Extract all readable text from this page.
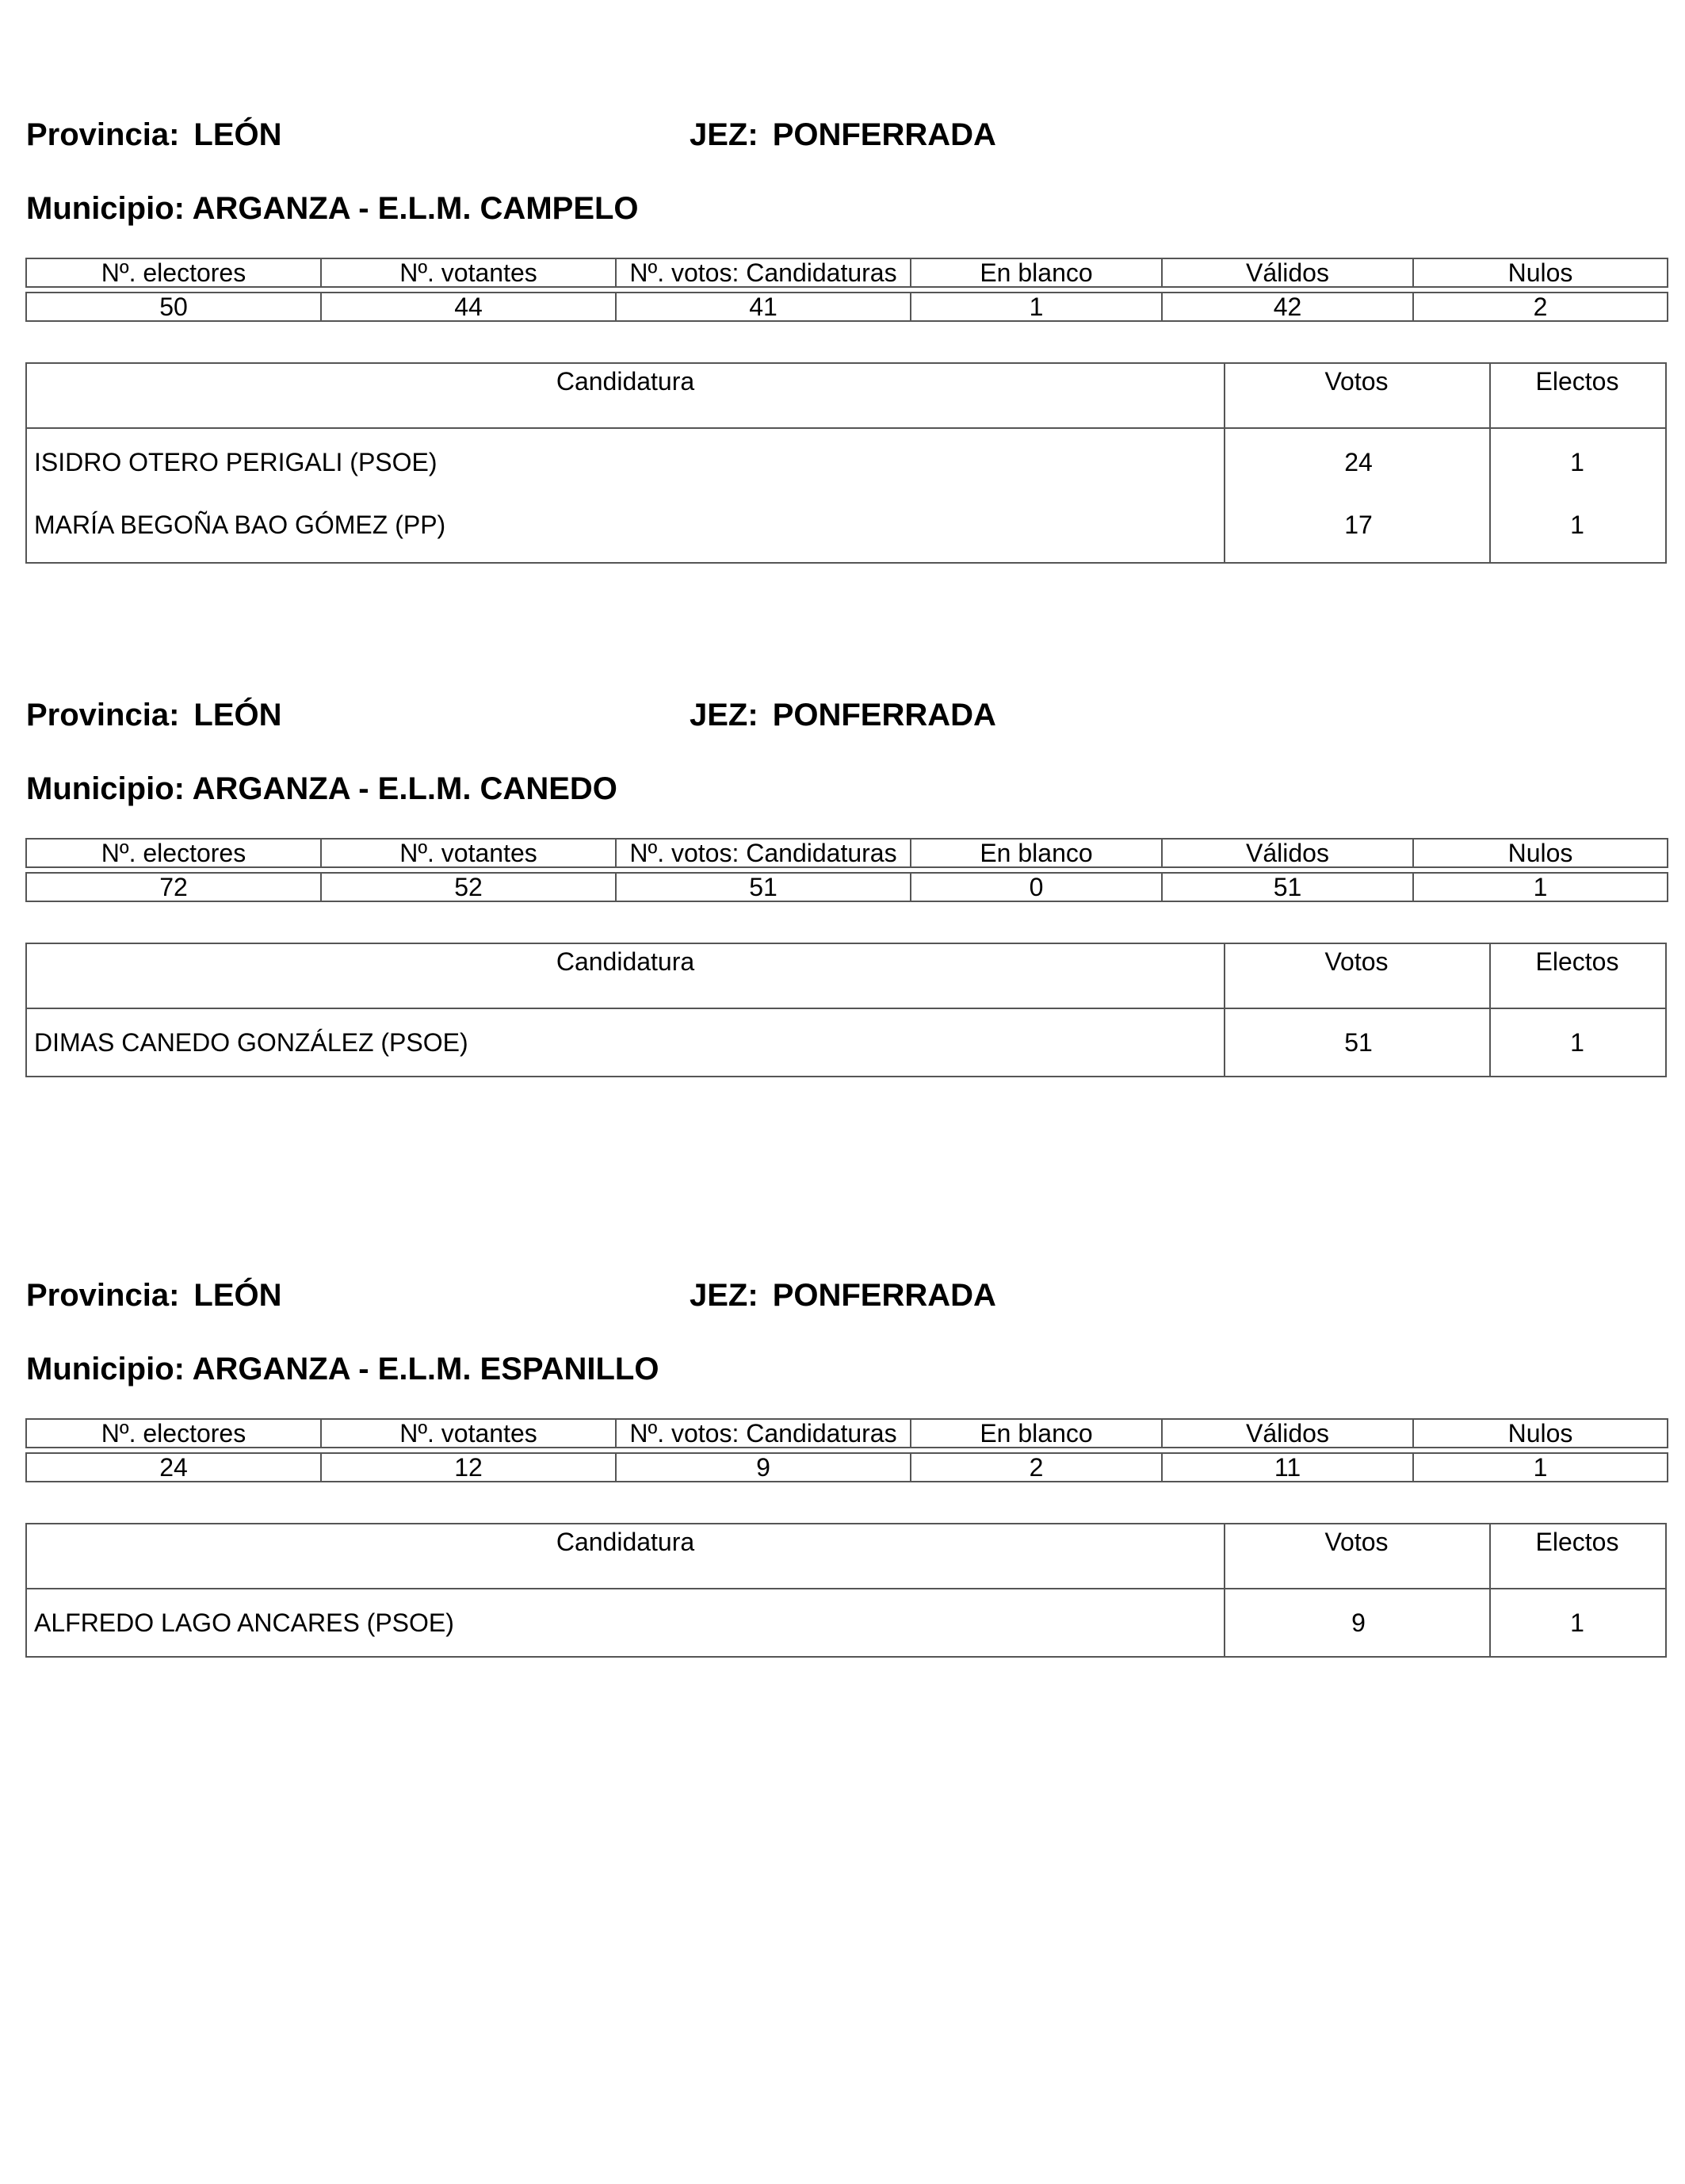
Provincia: LEÓN	JEZ: PONFERRADA
Municipio: ARGANZA - E.L.M. CAMPELO
Nº. electores	Nº. votantes	Nº. votos: Candidaturas	En blanco	Válidos	Nulos

50	44	41	1	42	2
Candidatura	Votos	Electos
ISIDRO OTERO PERIGALI (PSOE)	24	1
MARÍA BEGOÑA BAO GÓMEZ (PP)	17	1
Provincia: LEÓN	JEZ: PONFERRADA
Municipio: ARGANZA - E.L.M. CANEDO
Nº. electores	Nº. votantes	Nº. votos: Candidaturas	En blanco	Válidos	Nulos

72	52	51	0	51	1
Candidatura	Votos	Electos
DIMAS CANEDO GONZÁLEZ (PSOE)	51	1
Provincia: LEÓN	JEZ: PONFERRADA
Municipio: ARGANZA - E.L.M. ESPANILLO
Nº. electores	Nº. votantes	Nº. votos: Candidaturas	En blanco	Válidos	Nulos

24	12	9	2	11	1
Candidatura	Votos	Electos
ALFREDO LAGO ANCARES (PSOE)	9	1
